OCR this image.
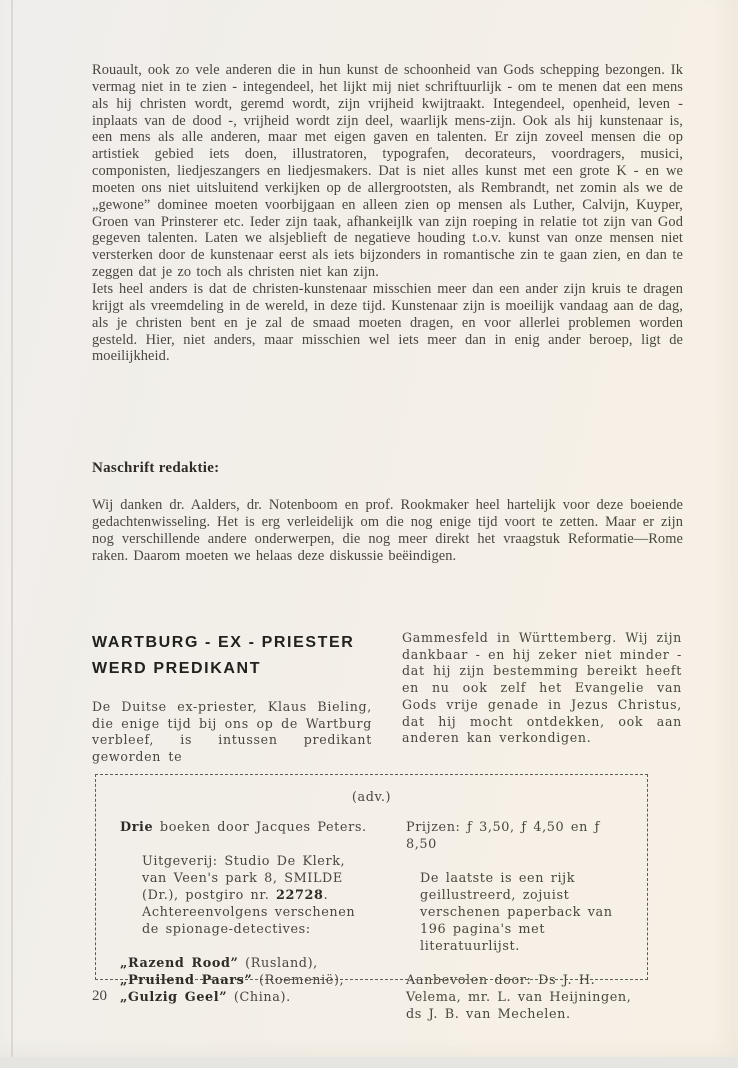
Rouault, ook zo vele anderen die in hun kunst de schoonheid van Gods schepping bezongen. Ik vermag niet in te zien - integendeel, het lijkt mij niet schriftuurlijk - om te menen dat een mens als hij christen wordt, geremd wordt, zijn vrijheid kwijtraakt. Integendeel, openheid, leven - inplaats van de dood -, vrijheid wordt zijn deel, waarlijk mens-zijn. Ook als hij kunstenaar is, een mens als alle anderen, maar met eigen gaven en talenten. Er zijn zoveel mensen die op artistiek gebied iets doen, illustratoren, typografen, decorateurs, voordragers, musici, componisten, liedjeszangers en liedjesmakers. Dat is niet alles kunst met een grote K - en we moeten ons niet uitsluitend verkijken op de allergrootsten, als Rembrandt, net zomin als we de „gewone” dominee moeten voorbijgaan en alleen zien op mensen als Luther, Calvijn, Kuyper, Groen van Prinsterer etc. Ieder zijn taak, afhankeijlk van zijn roeping in relatie tot zijn van God gegeven talenten. Laten we alsjeblieft de negatieve houding t.o.v. kunst van onze mensen niet versterken door de kunstenaar eerst als iets bijzonders in romantische zin te gaan zien, en dan te zeggen dat je zo toch als christen niet kan zijn.

Iets heel anders is dat de christen-kunstenaar misschien meer dan een ander zijn kruis te dragen krijgt als vreemdeling in de wereld, in deze tijd. Kunstenaar zijn is moeilijk vandaag aan de dag, als je christen bent en je zal de smaad moeten dragen, en voor allerlei problemen worden gesteld. Hier, niet anders, maar misschien wel iets meer dan in enig ander beroep, ligt de moeilijkheid.

Naschrift redaktie:
Wij danken dr. Aalders, dr. Notenboom en prof. Rookmaker heel hartelijk voor deze boeiende gedachtenwisseling. Het is erg verleidelijk om die nog enige tijd voort te zetten. Maar er zijn nog verschillende andere onderwerpen, die nog meer direkt het vraagstuk Reformatie—Rome raken. Daarom moeten we helaas deze diskussie beëindigen.
WARTBURG - EX - PRIESTER
WERD PREDIKANT
De Duitse ex-priester, Klaus Bieling, die enige tijd bij ons op de Wartburg verbleef, is intussen predikant geworden te
Gammesfeld in Württemberg. Wij zijn dankbaar - en hij zeker niet minder - dat hij zijn bestemming bereikt heeft en nu ook zelf het Evangelie van Gods vrije genade in Jezus Christus, dat hij mocht ontdekken, ook aan anderen kan verkondigen.

(adv.)

Drie boeken door Jacques Peters.
Uitgeverij: Studio De Klerk, van Veen's park 8, SMILDE (Dr.), postgiro nr. 22728. Achtereenvolgens verschenen de spionage-detectives:
„Razend Rood” (Rusland), „Pruilend Paars” (Roemenië), „Gulzig Geel” (China).
Prijzen: ƒ 3,50, ƒ 4,50 en ƒ 8,50
De laatste is een rijk geillustreerd, zojuist verschenen paperback van 196 pagina's met literatuurlijst.
Aanbevolen door: Ds J. H. Velema, mr. L. van Heijningen, ds J. B. van Mechelen.
20
